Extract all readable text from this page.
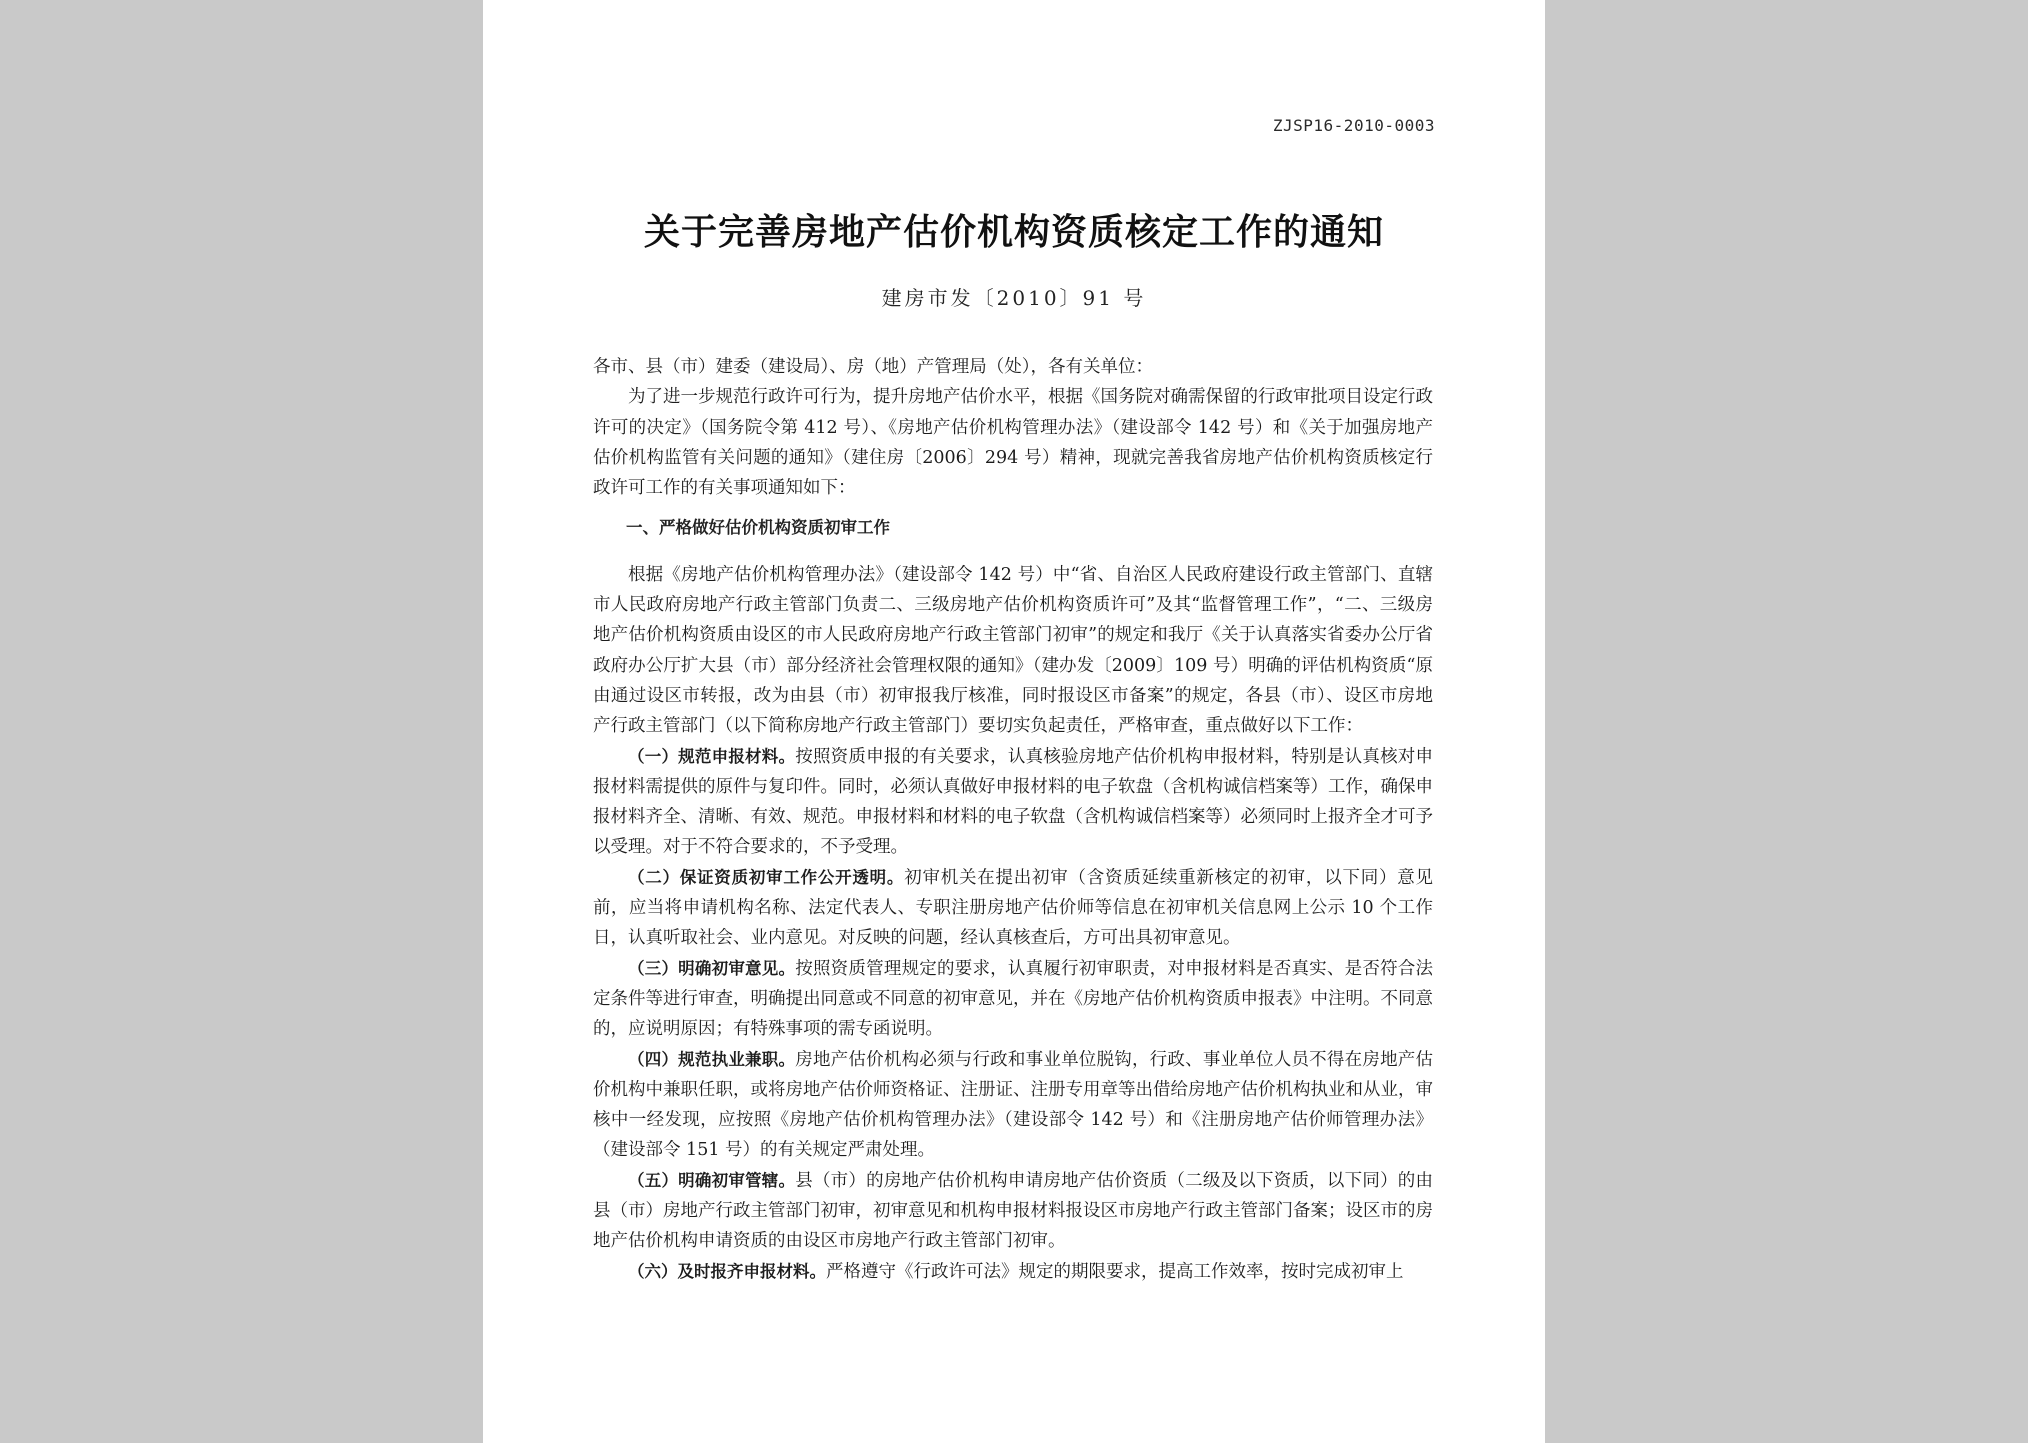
ZJSP16-2010-0003
关于完善房地产估价机构资质核定工作的通知
建房市发〔2010〕91 号

各市、县（市）建委（建设局）、房（地）产管理局（处），各有关单位：

为了进一步规范行政许可行为，提升房地产估价水平，根据《国务院对确需保留的行政审批项目设定行政许可的决定》（国务院令第 412 号）、《房地产估价机构管理办法》（建设部令 142 号）和《关于加强房地产估价机构监管有关问题的通知》（建住房〔2006〕294 号）精神，现就完善我省房地产估价机构资质核定行政许可工作的有关事项通知如下：

一、严格做好估价机构资质初审工作

根据《房地产估价机构管理办法》（建设部令 142 号）中“省、自治区人民政府建设行政主管部门、直辖市人民政府房地产行政主管部门负责二、三级房地产估价机构资质许可”及其“监督管理工作”，“二、三级房地产估价机构资质由设区的市人民政府房地产行政主管部门初审”的规定和我厅《关于认真落实省委办公厅省政府办公厅扩大县（市）部分经济社会管理权限的通知》（建办发〔2009〕109 号）明确的评估机构资质“原由通过设区市转报，改为由县（市）初审报我厅核准，同时报设区市备案”的规定，各县（市）、设区市房地产行政主管部门（以下简称房地产行政主管部门）要切实负起责任，严格审查，重点做好以下工作：

（一）规范申报材料。按照资质申报的有关要求，认真核验房地产估价机构申报材料，特别是认真核对申报材料需提供的原件与复印件。同时，必须认真做好申报材料的电子软盘（含机构诚信档案等）工作，确保申报材料齐全、清晰、有效、规范。申报材料和材料的电子软盘（含机构诚信档案等）必须同时上报齐全才可予以受理。对于不符合要求的，不予受理。

（二）保证资质初审工作公开透明。初审机关在提出初审（含资质延续重新核定的初审，以下同）意见前，应当将申请机构名称、法定代表人、专职注册房地产估价师等信息在初审机关信息网上公示 10 个工作日，认真听取社会、业内意见。对反映的问题，经认真核查后，方可出具初审意见。

（三）明确初审意见。按照资质管理规定的要求，认真履行初审职责，对申报材料是否真实、是否符合法定条件等进行审查，明确提出同意或不同意的初审意见，并在《房地产估价机构资质申报表》中注明。不同意的，应说明原因；有特殊事项的需专函说明。

（四）规范执业兼职。房地产估价机构必须与行政和事业单位脱钩，行政、事业单位人员不得在房地产估价机构中兼职任职，或将房地产估价师资格证、注册证、注册专用章等出借给房地产估价机构执业和从业，审核中一经发现，应按照《房地产估价机构管理办法》（建设部令 142 号）和《注册房地产估价师管理办法》（建设部令 151 号）的有关规定严肃处理。

（五）明确初审管辖。县（市）的房地产估价机构申请房地产估价资质（二级及以下资质，以下同）的由县（市）房地产行政主管部门初审，初审意见和机构申报材料报设区市房地产行政主管部门备案；设区市的房地产估价机构申请资质的由设区市房地产行政主管部门初审。

（六）及时报齐申报材料。严格遵守《行政许可法》规定的期限要求，提高工作效率，按时完成初审上
